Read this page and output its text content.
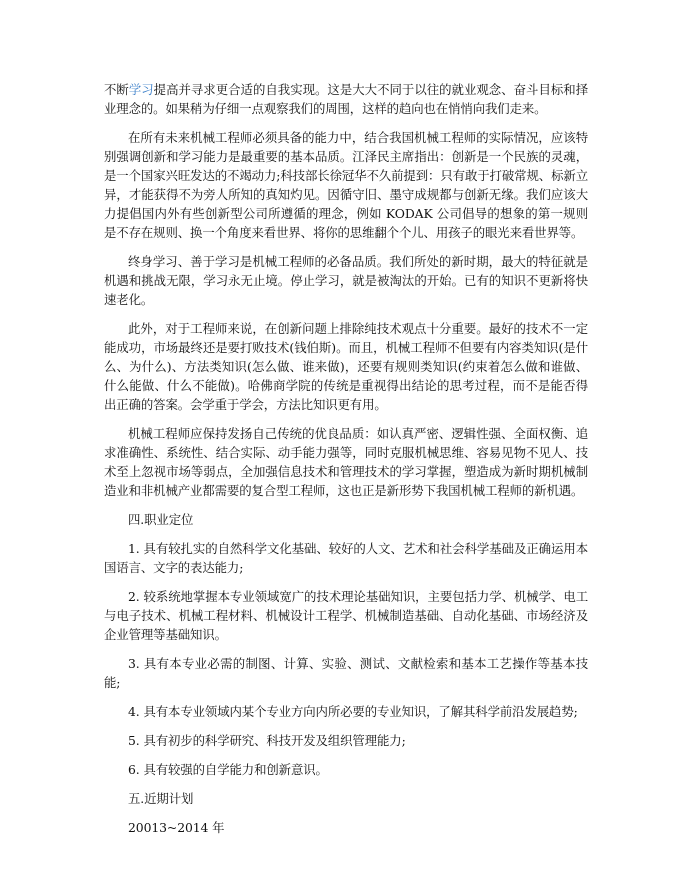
不断学习提高并寻求更合适的自我实现。这是大大不同于以往的就业观念、奋斗目标和择业理念的。如果稍为仔细一点观察我们的周围，这样的趋向也在悄悄向我们走来。

在所有未来机械工程师必须具备的能力中，结合我国机械工程师的实际情况，应该特别强调创新和学习能力是最重要的基本品质。江泽民主席指出：创新是一个民族的灵魂，是一个国家兴旺发达的不竭动力;科技部长徐冠华不久前提到：只有敢于打破常规、标新立异，才能获得不为旁人所知的真知灼见。因循守旧、墨守成规都与创新无缘。我们应该大力提倡国内外有些创新型公司所遵循的理念，例如 KODAK 公司倡导的想象的第一规则是不存在规则、换一个角度来看世界、将你的思维翻个个儿、用孩子的眼光来看世界等。

终身学习、善于学习是机械工程师的必备品质。我们所处的新时期，最大的特征就是机遇和挑战无限，学习永无止境。停止学习，就是被淘汰的开始。已有的知识不更新将快速老化。

此外，对于工程师来说，在创新问题上排除纯技术观点十分重要。最好的技术不一定能成功，市场最终还是要打败技术(钱伯斯)。而且，机械工程师不但要有内容类知识(是什么、为什么)、方法类知识(怎么做、谁来做)，还要有规则类知识(约束着怎么做和谁做、什么能做、什么不能做)。哈佛商学院的传统是重视得出结论的思考过程，而不是能否得出正确的答案。会学重于学会，方法比知识更有用。

机械工程师应保持发扬自己传统的优良品质：如认真严密、逻辑性强、全面权衡、追求准确性、系统性、结合实际、动手能力强等，同时克服机械思维、容易见物不见人、技术至上忽视市场等弱点，全加强信息技术和管理技术的学习掌握，塑造成为新时期机械制造业和非机械产业都需要的复合型工程师，这也正是新形势下我国机械工程师的新机遇。

四.职业定位

1. 具有较扎实的自然科学文化基础、较好的人文、艺术和社会科学基础及正确运用本国语言、文字的表达能力;

2. 较系统地掌握本专业领域宽广的技术理论基础知识，主要包括力学、机械学、电工与电子技术、机械工程材料、机械设计工程学、机械制造基础、自动化基础、市场经济及企业管理等基础知识。

3. 具有本专业必需的制图、计算、实验、测试、文献检索和基本工艺操作等基本技能;

4. 具有本专业领域内某个专业方向内所必要的专业知识，了解其科学前沿发展趋势;

5. 具有初步的科学研究、科技开发及组织管理能力;

6. 具有较强的自学能力和创新意识。

五.近期计划

20013~2014 年
